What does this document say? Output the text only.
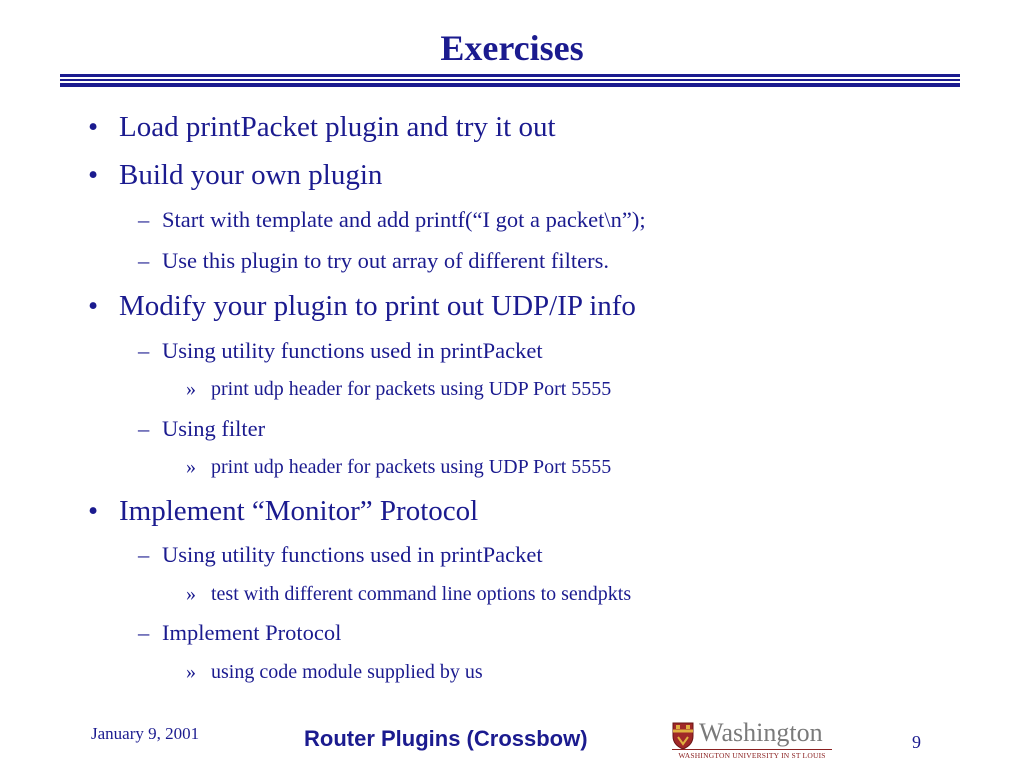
Exercises
• Load printPacket plugin and try it out
• Build your own plugin
– Start with template and add printf(“I got a packet\n”);
– Use this plugin to try out array of different filters.
• Modify your plugin to print out UDP/IP info
– Using utility functions used in printPacket
» print udp header for packets using UDP Port 5555
– Using filter
» print udp header for packets using UDP Port 5555
• Implement “Monitor” Protocol
– Using utility functions used in printPacket
» test with different command line options to sendpkts
– Implement Protocol
» using code module supplied by us
January 9, 2001	Router Plugins (Crossbow)	Washington
WASHINGTON UNIVERSITY IN ST LOUIS
9
